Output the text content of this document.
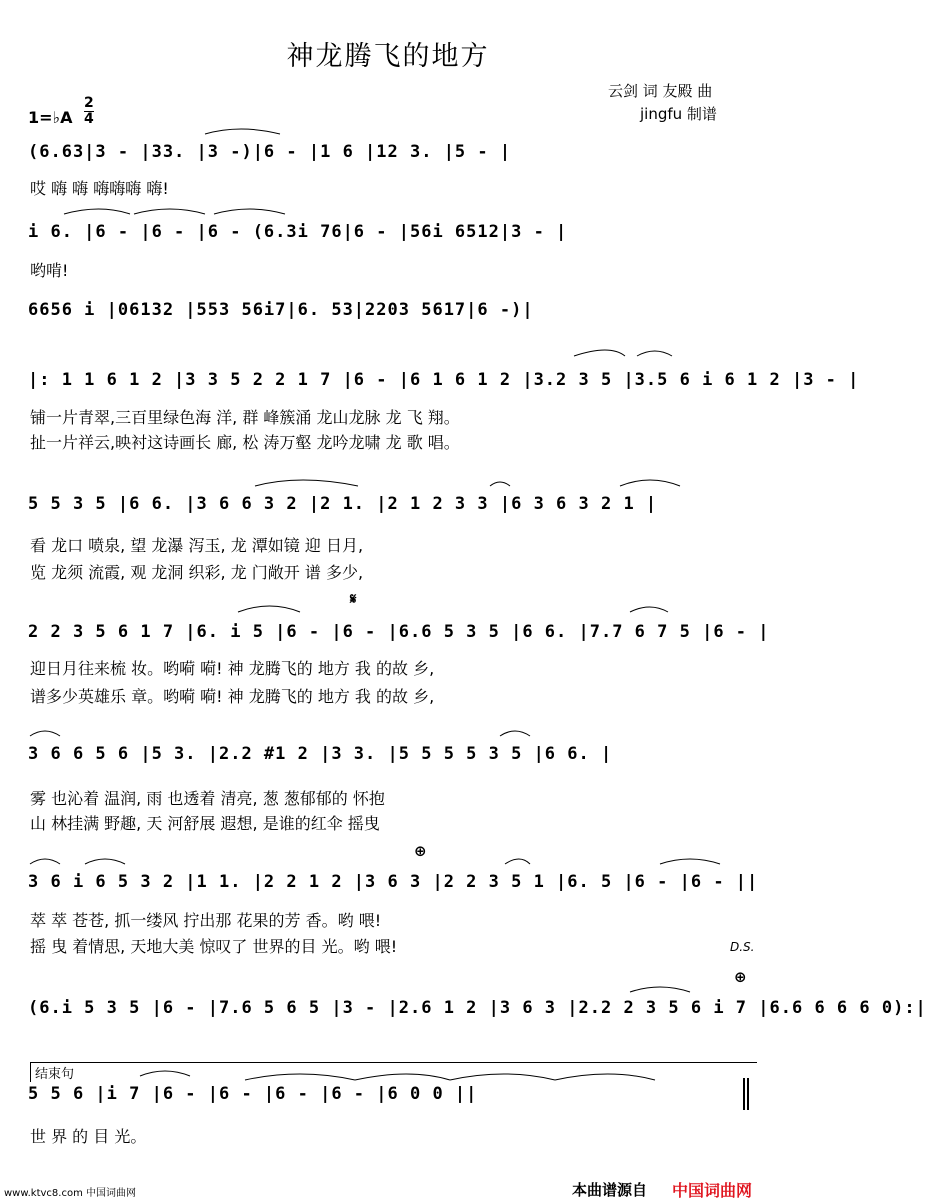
神龙腾飞的地方
云剑 词 友殿 曲
jingfu 制谱
1=♭A
2
4
(6.63|3 - |33. |3 -)|6 - |1 6 |12 3. |5 - |
哎 嗨 嗨 嗨嗨嗨 嗨!
i 6. |6 - |6 - |6 - (6.3i 76|6 - |56i 6512|3 - |
哟啃!
6656 i |06132 |553 56i7|6. 53|2203 5617|6 -)|
|: 1 1 6 1 2 |3 3 5 2 2 1 7 |6 - |6 1 6 1 2 |3.2 3 5 |3.5 6 i 6 1 2 |3 - |
铺一片青翠,三百里绿色海 洋, 群 峰簇涌 龙山龙脉 龙 飞 翔。
扯一片祥云,映衬这诗画长 廊, 松 涛万壑 龙吟龙啸 龙 歌 唱。
5 5 3 5 |6 6. |3 6 6 3 2 |2 1. |2 1 2 3 3 |6 3 6 3 2 1 |
看 龙口 喷泉, 望 龙瀑 泻玉, 龙 潭如镜 迎 日月,
览 龙须 流霞, 观 龙洞 织彩, 龙 门敞开 谱 多少,
𝄋
2 2 3 5 6 1 7 |6. i 5 |6 - |6 - |6.6 5 3 5 |6 6. |7.7 6 7 5 |6 - |
迎日月往来梳 妆。哟嗬 嗬! 神 龙腾飞的 地方 我 的故 乡,
谱多少英雄乐 章。哟嗬 嗬! 神 龙腾飞的 地方 我 的故 乡,
3 6 6 5 6 |5 3. |2.2 #1 2 |3 3. |5 5 5 5 3 5 |6 6. |
雾 也沁着 温润, 雨 也透着 清亮, 葱 葱郁郁的 怀抱
山 林挂满 野趣, 天 河舒展 遐想, 是谁的红伞 摇曳
⊕
3 6 i 6 5 3 2 |1 1. |2 2 1 2 |3 6 3 |2 2 3 5 1 |6. 5 |6 - |6 - ||
萃 萃 苍苍, 抓一缕风 拧出那 花果的芳 香。哟 喂!
摇 曳 着情思, 天地大美 惊叹了 世界的目 光。哟 喂!	D.S.
⊕
(6.i 5 3 5 |6 - |7.6 5 6 5 |3 - |2.6 1 2 |3 6 3 |2.2 2 3 5 6 i 7 |6.6 6 6 6 0):|
结束句
5 5 6 |i 7 |6 - |6 - |6 - |6 - |6 0 0 ||
世 界 的 目 光。
www.ktvc8.com 中国词曲网	本曲谱源自 中国词曲网
